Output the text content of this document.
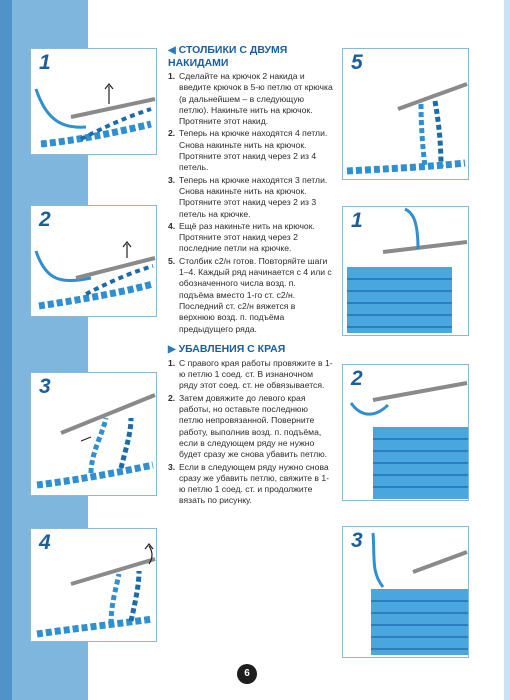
1
2
3
4
◀ СТОЛБИКИ С ДВУМЯ НАКИДАМИ
1. Сделайте на крючок 2 накида и введите крючок в 5-ю петлю от крючка (в дальнейшем – в следующую петлю). Накиньте нить на крючок. Протяните этот накид.
2. Теперь на крючке находятся 4 петли. Снова накиньте нить на крючок. Протяните этот накид через 2 из 4 петель.
3. Теперь на крючке находятся 3 петли. Снова накиньте нить на крючок. Протяните этот накид через 2 из 3 петель на крючке.
4. Ещё раз накиньте нить на крючок. Протяните этот накид через 2 последние петли на крючке.
5. Столбик с2/н готов. Повторяйте шаги 1–4. Каждый ряд начинается с 4 или с обозначенного числа возд. п. подъёма вместо 1-го ст. с2/н. Последний ст. с2/н вяжется в верхнюю возд. п. подъёма предыдущего ряда.
▶ УБАВЛЕНИЯ С КРАЯ
1. С правого края работы провяжите в 1-ю петлю 1 соед. ст. В изнаночном ряду этот соед. ст. не обвязывается.
2. Затем довяжите до левого края работы, но оставьте последнюю петлю непровязанной. Поверните работу, выполнив возд. п. подъёма, если в следующем ряду не нужно будет сразу же снова убавить петлю.
3. Если в следующем ряду нужно снова сразу же убавить петлю, свяжите в 1-ю петлю 1 соед. ст. и продолжите вязать по рисунку.
5
1
2
3
6
